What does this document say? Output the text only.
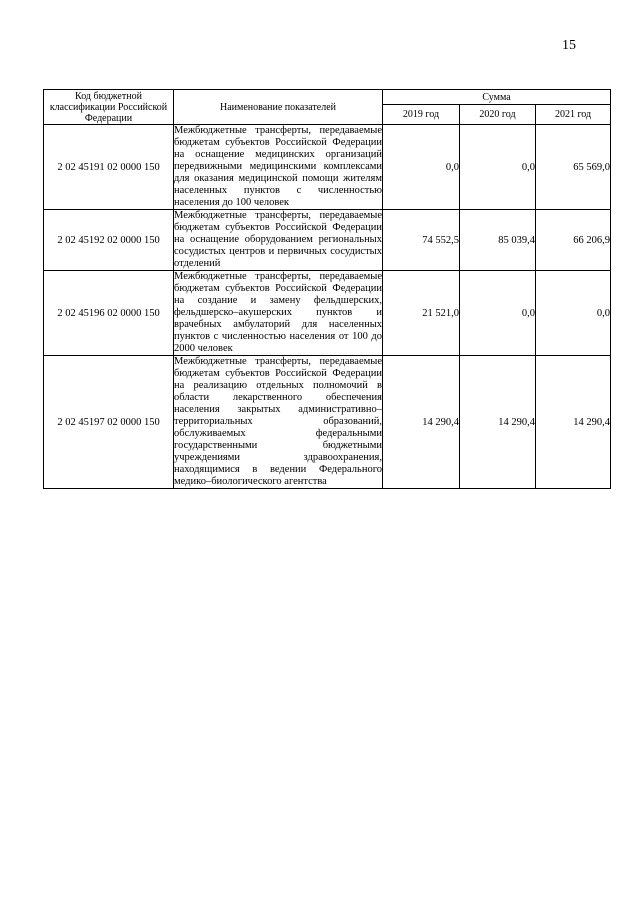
15
Код бюджетной классификации Российской Федерации	Наименование показателей	Сумма		
		2019 год	2020 год	2021 год
2 02 45191 02 0000 150	Межбюджетные трансферты, передаваемые бюджетам субъектов Российской Федерации на оснащение медицинских организаций передвижными медицинскими комплексами для оказания медицинской помощи жителям населенных пунктов с численностью населения до 100 человек	0,0	0,0	65 569,0
2 02 45192 02 0000 150	Межбюджетные трансферты, передаваемые бюджетам субъектов Российской Федерации на оснащение оборудованием региональных сосудистых центров и первичных сосудистых отделений	74 552,5	85 039,4	66 206,9
2 02 45196 02 0000 150	Межбюджетные трансферты, передаваемые бюджетам субъектов Российской Федерации на создание и замену фельдшерских, фельдшерско–акушерских пунктов и врачебных амбулаторий для населенных пунктов с численностью населения от 100 до 2000 человек	21 521,0	0,0	0,0
2 02 45197 02 0000 150	Межбюджетные трансферты, передаваемые бюджетам субъектов Российской Федерации на реализацию отдельных полномочий в области лекарственного обеспечения населения закрытых административно–территориальных образований, обслуживаемых федеральными государственными бюджетными учреждениями здравоохранения, находящимися в ведении Федерального медико–биологического агентства	14 290,4	14 290,4	14 290,4
